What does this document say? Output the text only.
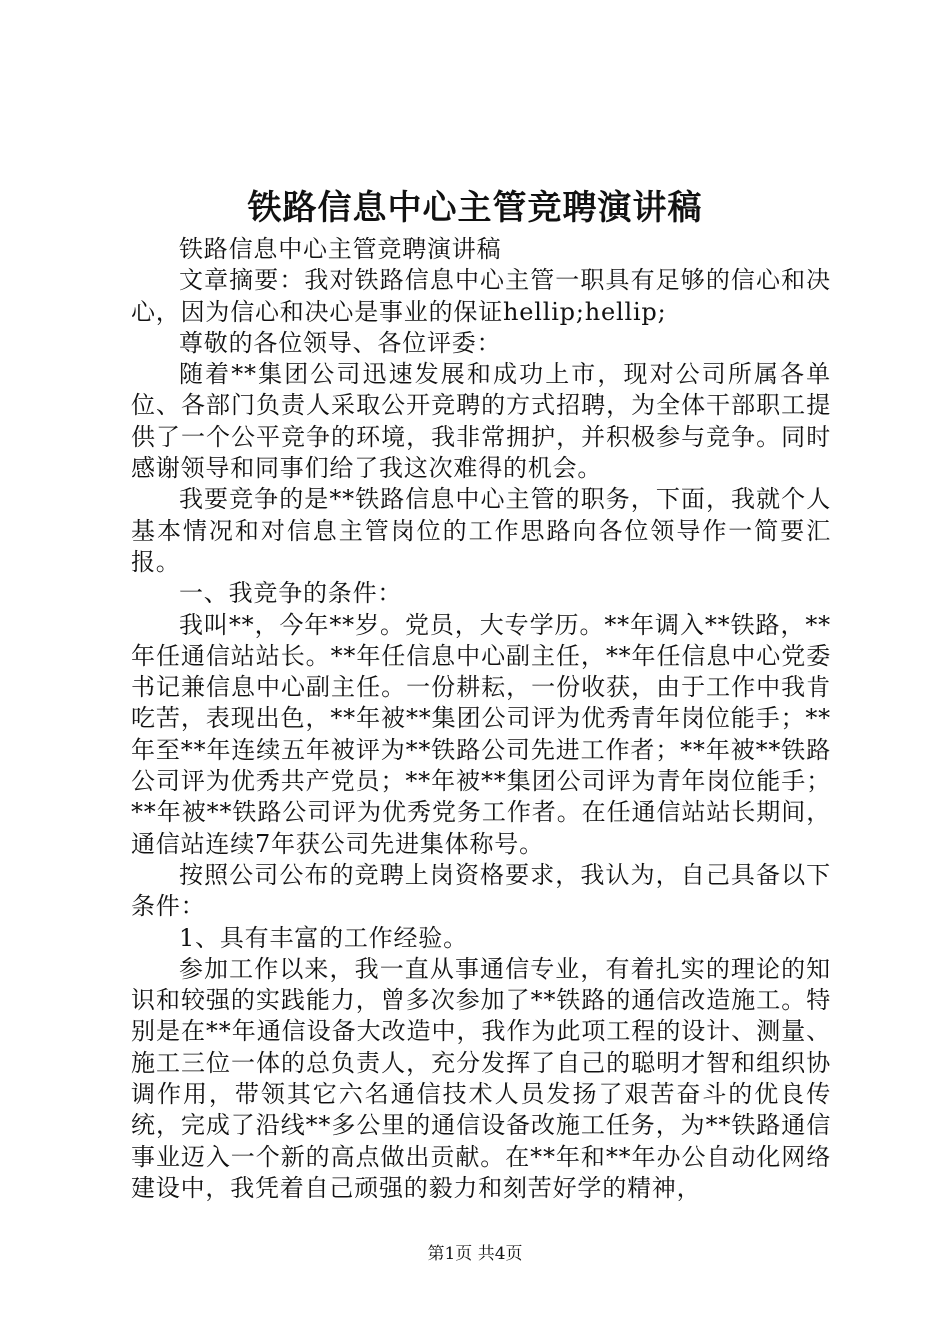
铁路信息中心主管竞聘演讲稿

铁路信息中心主管竞聘演讲稿

文章摘要：我对铁路信息中心主管一职具有足够的信心和决心，因为信心和决心是事业的保证hellip;hellip;

尊敬的各位领导、各位评委：

随着**集团公司迅速发展和成功上市，现对公司所属各单位、各部门负责人采取公开竞聘的方式招聘，为全体干部职工提供了一个公平竞争的环境，我非常拥护，并积极参与竞争。同时感谢领导和同事们给了我这次难得的机会。

我要竞争的是**铁路信息中心主管的职务，下面，我就个人基本情况和对信息主管岗位的工作思路向各位领导作一简要汇报。

一、我竞争的条件：

我叫**，今年**岁。党员，大专学历。**年调入**铁路，**年任通信站站长。**年任信息中心副主任，**年任信息中心党委书记兼信息中心副主任。一份耕耘，一份收获，由于工作中我肯吃苦，表现出色，**年被**集团公司评为优秀青年岗位能手；**年至**年连续五年被评为**铁路公司先进工作者；**年被**铁路公司评为优秀共产党员；**年被**集团公司评为青年岗位能手；**年被**铁路公司评为优秀党务工作者。在任通信站站长期间，通信站连续7年获公司先进集体称号。

按照公司公布的竞聘上岗资格要求，我认为，自己具备以下条件：

1、具有丰富的工作经验。

参加工作以来，我一直从事通信专业，有着扎实的理论的知识和较强的实践能力，曾多次参加了**铁路的通信改造施工。特别是在**年通信设备大改造中，我作为此项工程的设计、测量、施工三位一体的总负责人，充分发挥了自己的聪明才智和组织协调作用，带领其它六名通信技术人员发扬了艰苦奋斗的优良传统，完成了沿线**多公里的通信设备改施工任务，为**铁路通信事业迈入一个新的高点做出贡献。在**年和**年办公自动化网络建设中，我凭着自己顽强的毅力和刻苦好学的精神，

第1页 共4页
